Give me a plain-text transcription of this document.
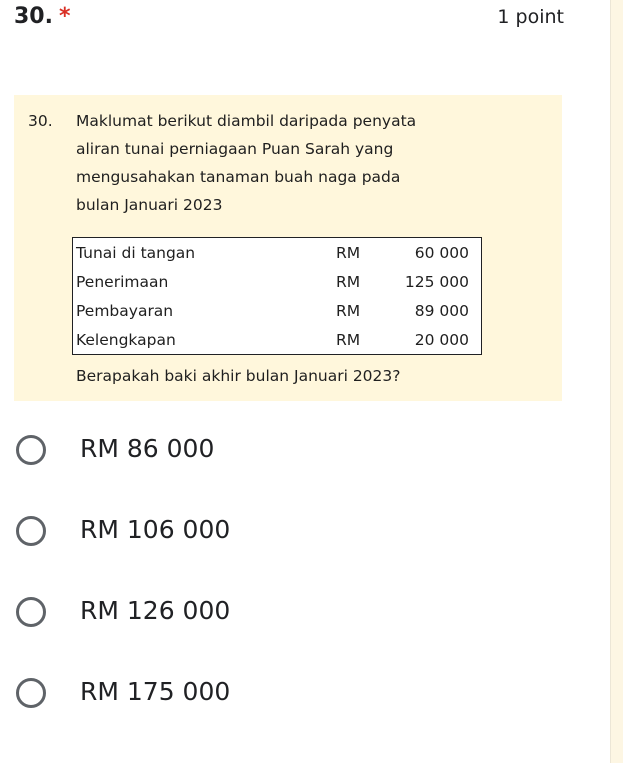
30. *	1 point
30. Maklumat berikut diambil daripada penyata
aliran tunai perniagaan Puan Sarah yang
mengusahakan tanaman buah naga pada
bulan Januari 2023
Tunai di tangan	RM	60 000
Penerimaan	RM	125 000
Pembayaran	RM	89 000
Kelengkapan	RM	20 000
Berapakah baki akhir bulan Januari 2023?
RM 86 000
RM 106 000
RM 126 000
RM 175 000
